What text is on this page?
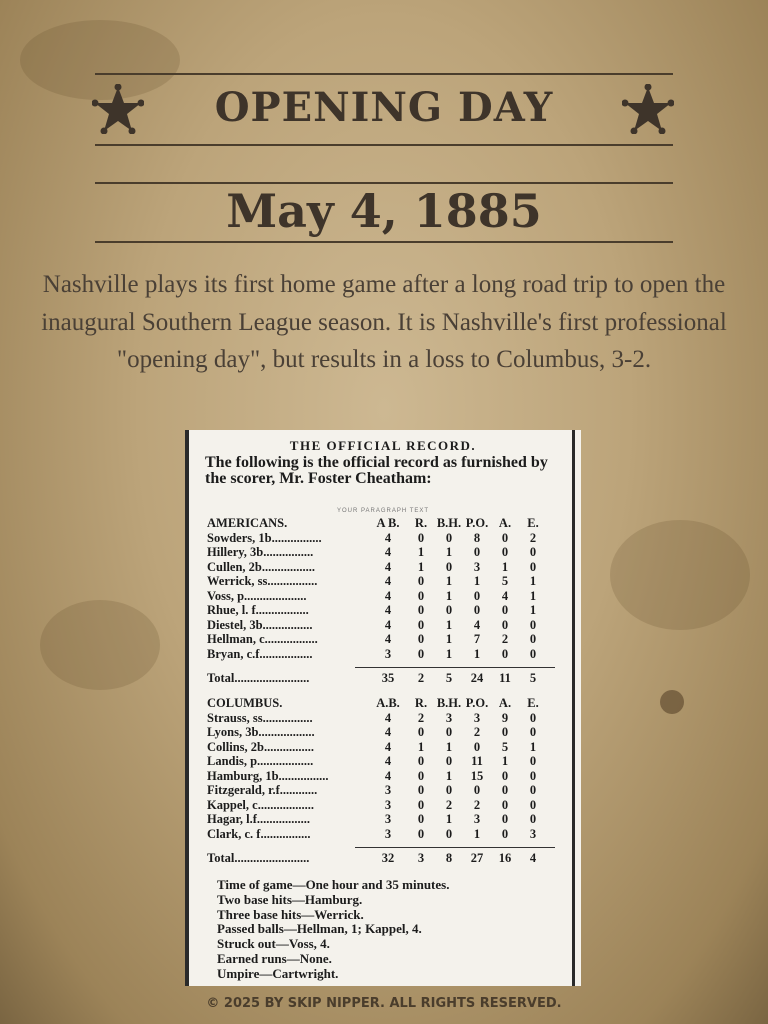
OPENING DAY
May 4, 1885
Nashville plays its first home game after a long road trip to open the inaugural Southern League season. It is Nashville's first professional "opening day", but results in a loss to Columbus, 3-2.
THE OFFICIAL RECORD.
The following is the official record as furnished by the scorer, Mr. Foster Cheatham:
YOUR PARAGRAPH TEXT
AMERICANS.	A B.	R.	B.H.	P.O.	A.	E.
Sowders, 1b................	4	0	0	8	0	2
Hillery, 3b................	4	1	1	0	0	0
Cullen, 2b.................	4	1	0	3	1	0
Werrick, ss................	4	0	1	1	5	1
Voss, p....................	4	0	1	0	4	1
Rhue, l. f.................	4	0	0	0	0	1
Diestel, 3b................	4	0	1	4	0	0
Hellman, c.................	4	0	1	7	2	0
Bryan, c.f.................	3	0	1	1	0	0

Total........................	35	2	5	24	11	5
COLUMBUS.	A.B.	R.	B.H.	P.O.	A.	E.
Strauss, ss................	4	2	3	3	9	0
Lyons, 3b..................	4	0	0	2	0	0
Collins, 2b................	4	1	1	0	5	1
Landis, p..................	4	0	0	11	1	0
Hamburg, 1b................	4	0	1	15	0	0
Fitzgerald, r.f............	3	0	0	0	0	0
Kappel, c..................	3	0	2	2	0	0
Hagar, l.f.................	3	0	1	3	0	0
Clark, c. f................	3	0	0	1	0	3

Total........................	32	3	8	27	16	4
Time of game—One hour and 35 minutes.
Two base hits—Hamburg.
Three base hits—Werrick.
Passed balls—Hellman, 1; Kappel, 4.
Struck out—Voss, 4.
Earned runs—None.
Umpire—Cartwright.
© 2025 BY SKIP NIPPER. ALL RIGHTS RESERVED.
